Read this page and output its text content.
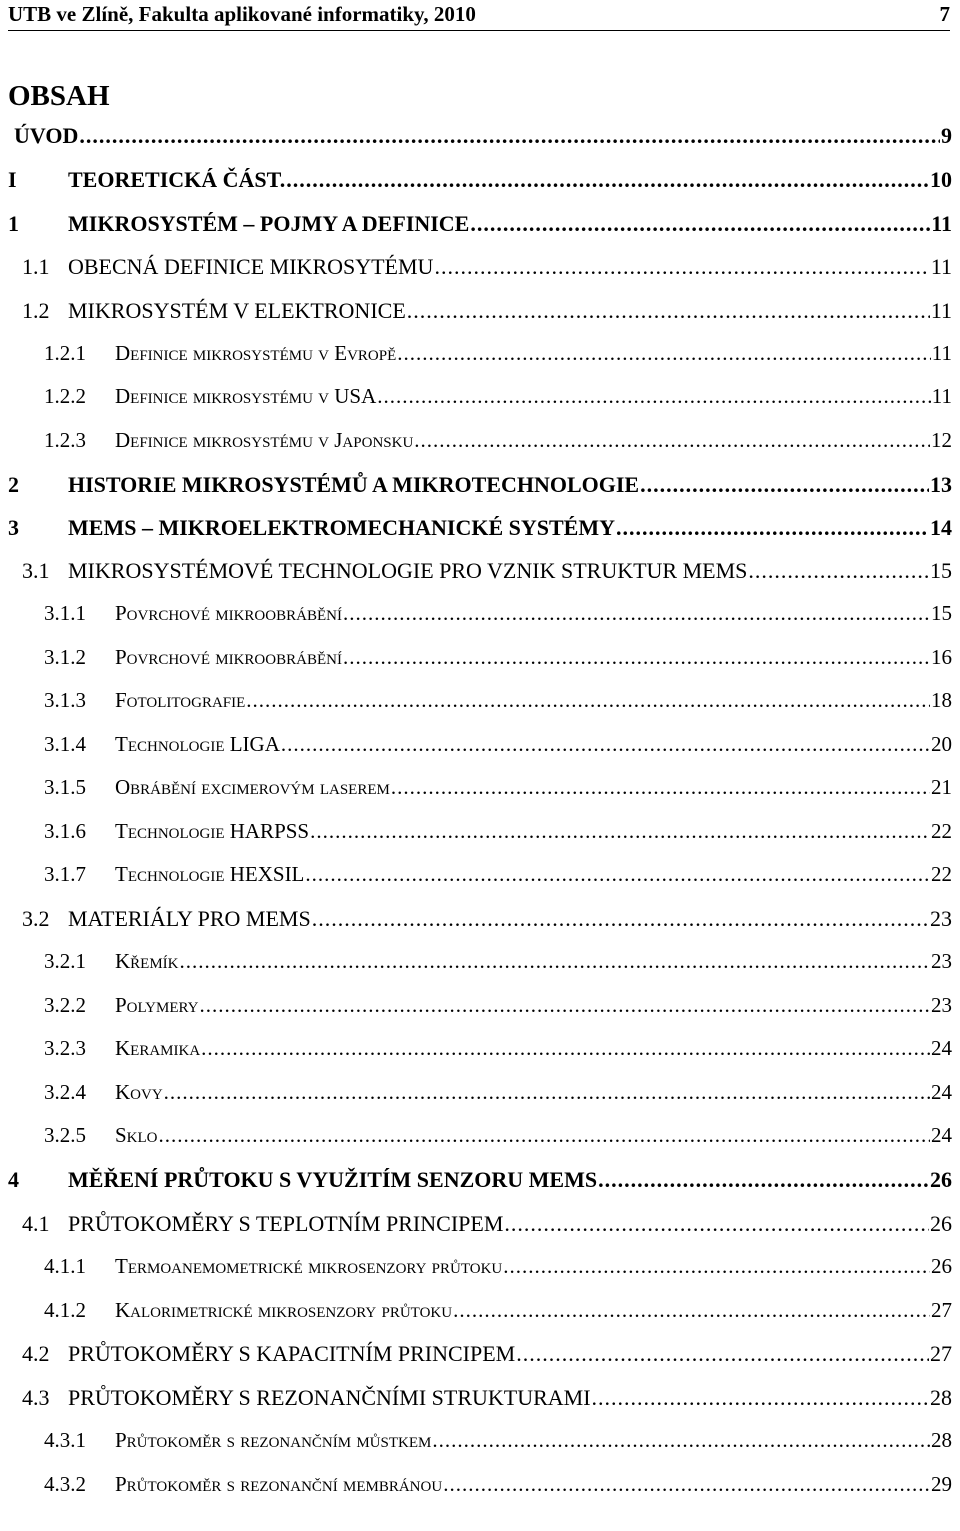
UTB ve Zlíně, Fakulta aplikované informatiky, 2010	7
OBSAH
ÚVOD .....	9
I TEORETICKÁ ČÁST. .....	10
1 MIKROSYSTÉM – POJMY A DEFINICE .....	11
1.1 OBECNÁ DEFINICE MIKROSYTÉMU .....	11
1.2 MIKROSYSTÉM V ELEKTRONICE .....	11
1.2.1 Definice mikrosystému v Evropě .....	11
1.2.2 Definice mikrosystému v USA .....	11
1.2.3 Definice mikrosystému v Japonsku .....	12
2 HISTORIE MIKROSYSTÉMŮ A MIKROTECHNOLOGIE .....	13
3 MEMS – MIKROELEKTROMECHANICKÉ SYSTÉMY .....	14
3.1 MIKROSYSTÉMOVÉ TECHNOLOGIE PRO VZNIK STRUKTUR MEMS .....	15
3.1.1 Povrchové mikroobrábění .....	15
3.1.2 Povrchové mikroobrábění .....	16
3.1.3 Fotolitografie .....	18
3.1.4 Technologie LIGA .....	20
3.1.5 Obrábění excimerovým laserem .....	21
3.1.6 Technologie HARPSS .....	22
3.1.7 Technologie HEXSIL .....	22
3.2 MATERIÁLY PRO MEMS .....	23
3.2.1 Křemík .....	23
3.2.2 Polymery .....	23
3.2.3 Keramika .....	24
3.2.4 Kovy .....	24
3.2.5 Sklo .....	24
4 MĚŘENÍ PRŮTOKU S VYUŽITÍM SENZORU MEMS .....	26
4.1 PRŮTOKOMĚRY S TEPLOTNÍM PRINCIPEM .....	26
4.1.1 Termoanemometrické mikrosenzory průtoku .....	26
4.1.2 Kalorimetrické mikrosenzory průtoku .....	27
4.2 PRŮTOKOMĚRY S KAPACITNÍM PRINCIPEM .....	27
4.3 PRŮTOKOMĚRY S REZONANČNÍMI STRUKTURAMI .....	28
4.3.1 Průtokoměr s rezonančním můstkem .....	28
4.3.2 Průtokoměr s rezonanční membránou .....	29
